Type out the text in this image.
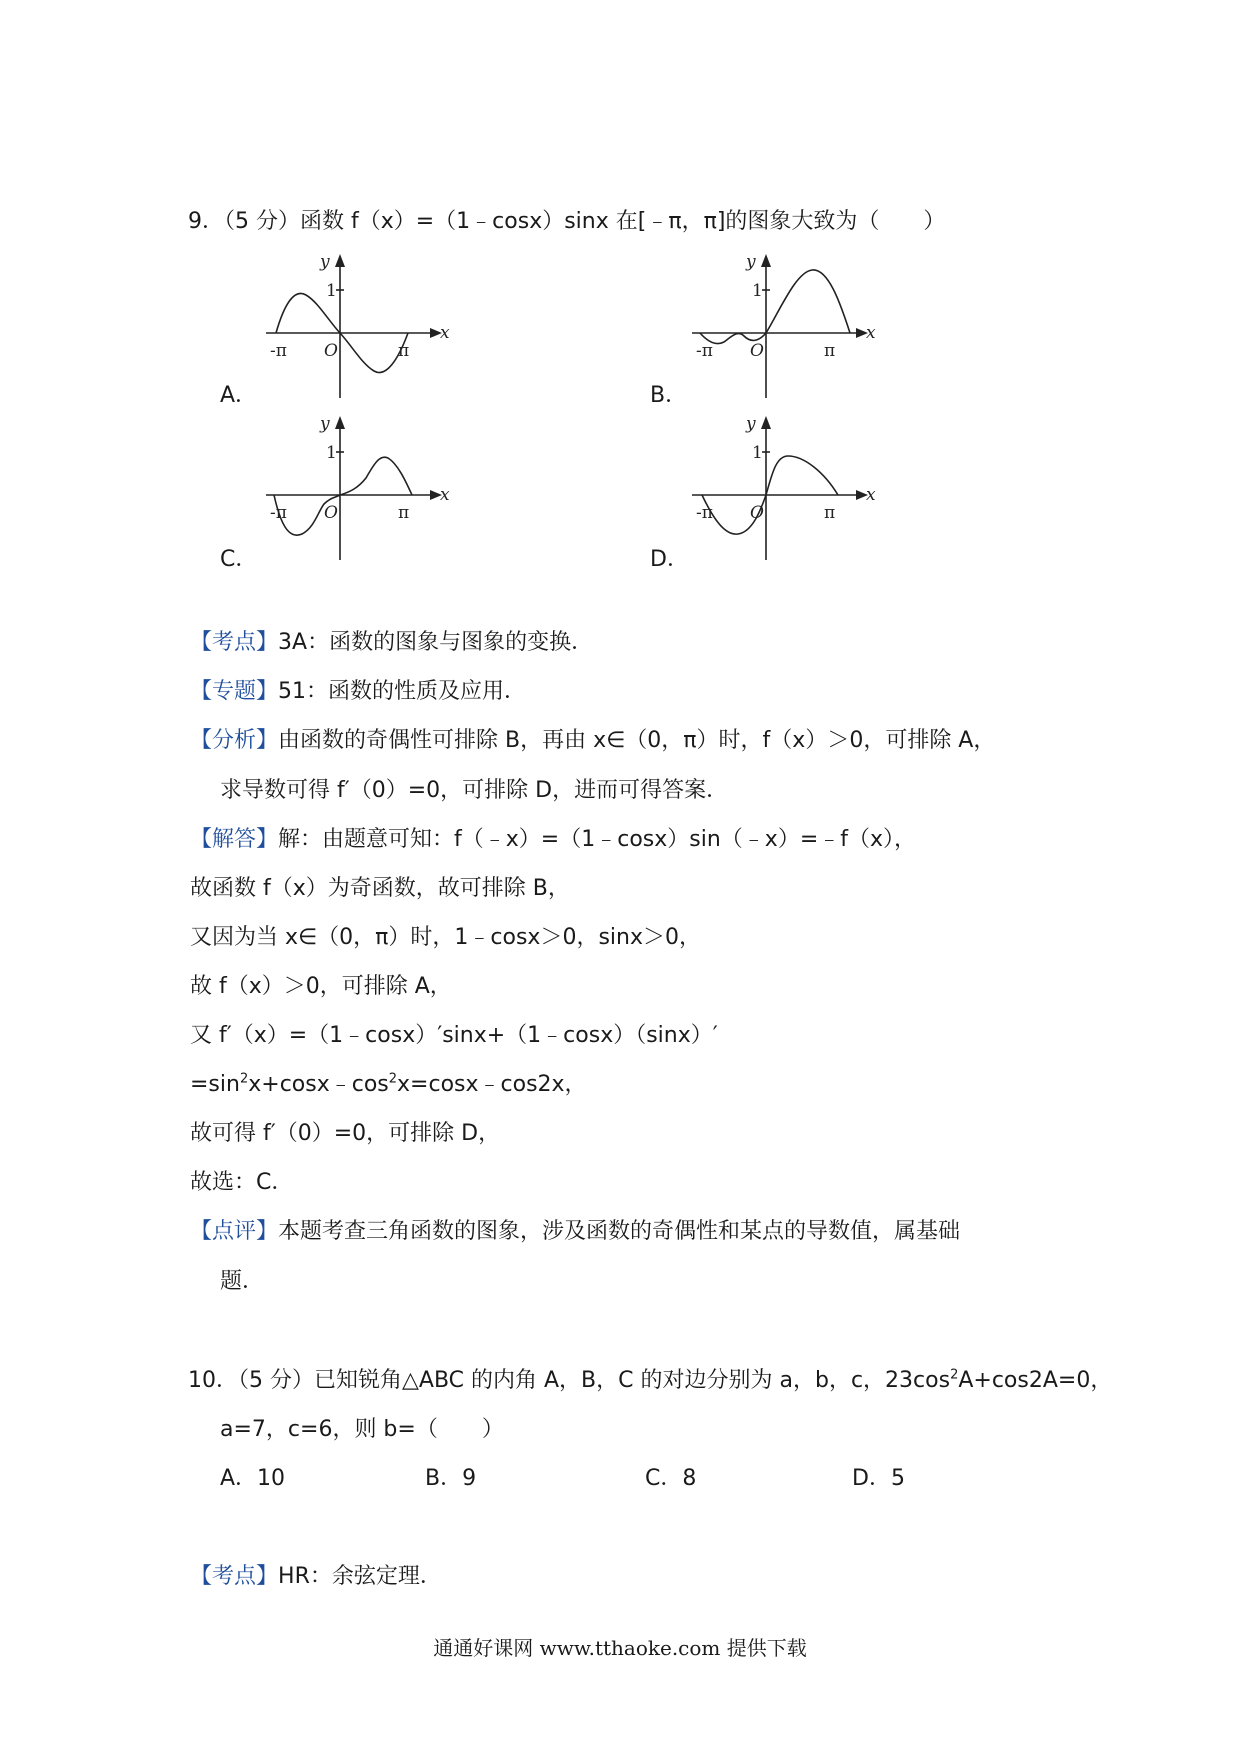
9．（5 分）函数 f（x）=（1﹣cosx）sinx 在[﹣π，π]的图象大致为（　　）
y
x
1
O
-π	π
A．
y
x
1
O
-π	π
B．
y
x
1
O
-π	π
C．
y
x
1
O
-π	π
D．
【考点】3A：函数的图象与图象的变换．
【专题】51：函数的性质及应用．
【分析】由函数的奇偶性可排除 B，再由 x∈（0，π）时，f（x）＞0，可排除 A，
求导数可得 f′（0）=0，可排除 D，进而可得答案．
【解答】解：由题意可知：f（﹣x）=（1﹣cosx）sin（﹣x）=﹣f（x），
故函数 f（x）为奇函数，故可排除 B，
又因为当 x∈（0，π）时，1﹣cosx＞0，sinx＞0，
故 f（x）＞0，可排除 A，
又 f′（x）=（1﹣cosx）′sinx+（1﹣cosx）（sinx）′
$=\sin^2x+\cos x﹣\cos^2x=\cos x﹣\cos 2x$，
故可得 f′（0）=0，可排除 D，
故选：C．
【点评】本题考查三角函数的图象，涉及函数的奇偶性和某点的导数值，属基础
题．
10．（5 分）已知锐角△ABC 的内角 A，B，C 的对边分别为 a，b，c，$23\cos^2A+\cos 2A=0$，
a=7，c=6，则 b=（　　）
A．10	B．9	C．8	D．5
【考点】HR：余弦定理．
通通好课网 www.tthaoke.com 提供下载
